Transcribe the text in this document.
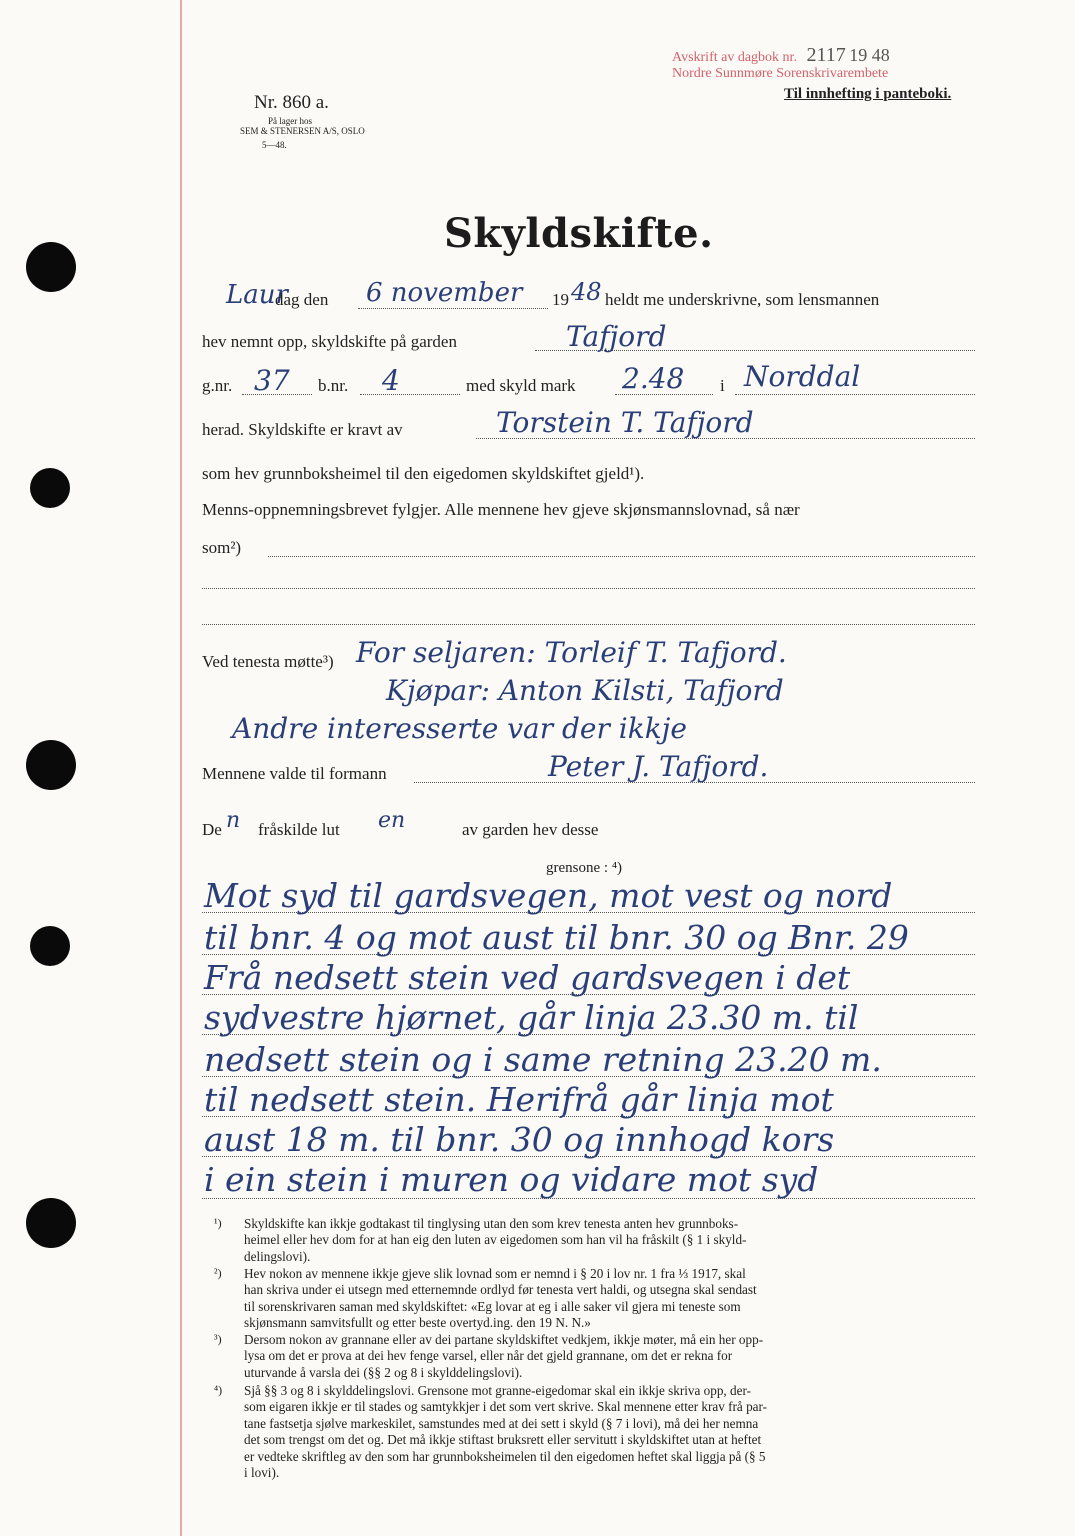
Avskrift av dagbok nr. 2117 19 48
Nordre Sunnmøre Sorenskrivarembete
Til innhefting i panteboki.
Nr. 860 a.
På lager hos
SEM & STENERSEN A/S, OSLO
5—48.
Skyldskifte.
Laur
dag den 6 november 19 48 heldt me underskrivne, som lensmannen
hev nemnt opp, skyldskifte på garden	Tafjord
g.nr. 37 b.nr. 4	med skyld mark 2.48 i Norddal
herad. Skyldskifte er kravt av	Torstein T. Tafjord
som hev grunnboksheimel til den eigedomen skyldskiftet gjeld¹).
Menns-oppnemningsbrevet fylgjer. Alle mennene hev gjeve skjønsmannslovnad, så nær
som²)
Ved tenesta møtte³) For seljaren: Torleif T. Tafjord.
Kjøpar: Anton Kilsti, Tafjord
Andre interesserte var der ikkje
Mennene valde til formann	Peter J. Tafjord.
De n fråskilde lut en	av garden hev desse
grensone : ⁴)
Mot syd til gardsvegen, mot vest og nord
til bnr. 4 og mot aust til bnr. 30 og Bnr. 29
Frå nedsett stein ved gardsvegen i det
sydvestre hjørnet, går linja 23.30 m. til
nedsett stein og i same retning 23.20 m.
til nedsett stein. Herifrå går linja mot
aust 18 m. til bnr. 30 og innhogd kors
i ein stein i muren og vidare mot syd
¹) Skyldskifte kan ikkje godtakast til tinglysing utan den som krev tenesta anten hev grunnboks-
heimel eller hev dom for at han eig den luten av eigedomen som han vil ha fråskilt (§ 1 i skyld-
delingslovi).
²) Hev nokon av mennene ikkje gjeve slik lovnad som er nemnd i § 20 i lov nr. 1 fra ⅓ 1917, skal
han skriva under ei utsegn med etternemnde ordlyd før tenesta vert haldi, og utsegna skal sendast
til sorenskrivaren saman med skyldskiftet: «Eg lovar at eg i alle saker vil gjera mi teneste som
skjønsmann samvitsfullt og etter beste overtyd.ing. den 19 N. N.»
³) Dersom nokon av grannane eller av dei partane skyldskiftet vedkjem, ikkje møter, må ein her opp-
lysa om det er prova at dei hev fenge varsel, eller når det gjeld grannane, om det er rekna for
uturvande å varsla dei (§§ 2 og 8 i skylddelingslovi).
⁴) Sjå §§ 3 og 8 i skylddelingslovi. Grensone mot granne-eigedomar skal ein ikkje skriva opp, der-
som eigaren ikkje er til stades og samtykkjer i det som vert skrive. Skal mennene etter krav frå par-
tane fastsetja sjølve markeskilet, samstundes med at dei sett i skyld (§ 7 i lovi), må dei her nemna
det som trengst om det og. Det må ikkje stiftast bruksrett eller servitutt i skyldskiftet utan at heftet
er vedteke skriftleg av den som har grunnboksheimelen til den eigedomen heftet skal liggja på (§ 5
i lovi).
